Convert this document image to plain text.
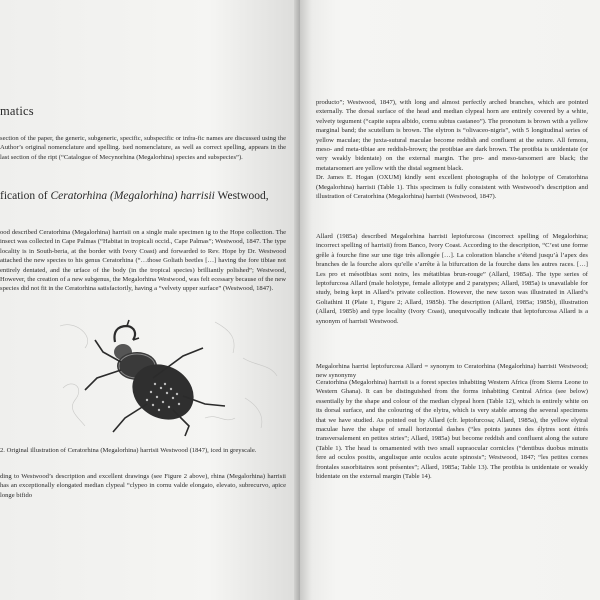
matics

section of the paper, the generic, subgeneric, specific, subspecific or infra-fic names are discussed using the Author’s original nomenclature and spelling. ised nomenclature, as well as correct spelling, appears in the last section of the ript (“Catalogue of Mecynorhina (Megalorhina) species and subspecies”).

fication of Ceratorhina (Megalorhina) harrisii Westwood,

ood described Ceratorhina (Megalorhina) harrisii on a single male specimen ig to the Hope collection. The insect was collected in Cape Palmas (“Habitat in tropicali occid., Cape Palmas”; Westwood, 1847. The type locality is in South-beria, at the border with Ivory Coast) and forwarded to Rev. Hope by Dr. Westwood attached the new species to his genus Ceratorhina (“…those Goliath beetles […] having the fore tibiae not entirely dentated, and the urface of the body (in the tropical species) brilliantly polished”; Westwood, However, the creation of a new subgenus, the Megalorhina Westwood, was felt ecessary because of the new species did not fit in the Ceratorhina satisfactorily, having a “velvety upper surface” (Westwood, 1847).

2. Original illustration of Ceratorhina (Megalorhina) harrisii Westwood (1847), iced in greyscale.

ding to Westwood’s description and excellent drawings (see Figure 2 above), rhina (Megalorhina) harrisii has an exceptionally elongated median clypeal “clypeo in cornu valde elongato, elevato, subrecurvo, apice longe bifido

producto”; Westwood, 1847), with long and almost perfectly arched branches, which are pointed externally. The dorsal surface of the head and median clypeal horn are entirely covered by a white, velvety tegument (“capite supra albido, cornu subtus castaneo”). The pronotum is brown with a yellow marginal band; the scutellum is brown. The elytron is “olivaceo-nigris”, with 5 longitudinal series of yellow maculae; the juxta-sutural maculae become reddish and confluent at the suture. All femora, meso- and meta-tibiae are reddish-brown; the protibiae are dark brown. The protibia is unidentate (or very weakly bidentate) on the external margin. The pro- and meso-tarsomeri are black; the metatarsomeri are yellow with the distal segment black.
Dr. James E. Hogan (OXUM) kindly sent excellent photographs of the holotype of Ceratorhina (Megalorhina) harrisii (Table 1). This specimen is fully consistent with Westwood’s description and illustration of Ceratorhina (Megalorhina) harrisii (Westwood, 1847).

Allard (1985a) described Megalorhina harrisii leptofurcosa (incorrect spelling of Megalorhina; incorrect spelling of harrisii) from Banco, Ivory Coast. According to the description, “C’est une forme grêle à fourche fine sur une tige très allongée […]. La coloration blanche s’étend jusqu’à l’apex des branches de la fourche alors qu’elle s’arrête à la bifurcation de la fourche dans les autres races. […] Les pro et mésotibias sont noirs, les métatibias brun-rouge” (Allard, 1985a). The type series of leptofurcosa Allard (male holotype, female allotype and 2 paratypes; Allard, 1985a) is unavailable for study, being kept in Allard’s private collection. However, the new taxon was illustrated in Allard’s Goliathini II (Plate 1, Figure 2; Allard, 1985b). The description (Allard, 1985a; 1985b), illustration (Allard, 1985b) and type locality (Ivory Coast), unequivocally indicate that leptofurcosa Allard is a synonym of harrisii Westwood.

Megalorhina harrisi leptofurcosa Allard = synonym to Ceratorhina (Megalorhina) harrisii Westwood; new synonymy

Ceratorhina (Megalorhina) harrisii is a forest species inhabiting Western Africa (from Sierra Leone to Western Ghana). It can be distinguished from the forms inhabiting Central Africa (see below) essentially by the shape and colour of the median clypeal horn (Table 12), which is entirely white on its dorsal surface, and the colouring of the elytra, which is very stable among the several specimens that we have studied. As pointed out by Allard (cfr. leptofurcosa; Allard, 1985a), the yellow elytral maculae have the shape of small horizontal dashes (“les points jaunes des élytres sont étirés transversalement en petites stries”; Allard, 1985a) but become reddish and confluent along the suture (Table 1). The head is ornamented with two small supraocular cornicles (“dentibus duobus minutis fere ad oculos positis, angulisque ante oculos acute spinosis”; Westwood, 1847; “les petites cornes frontales susorbitaires sont présentes”; Allard, 1985a; Table 13). The protibia is unidentate or weakly bidentate on the external margin (Table 14).
